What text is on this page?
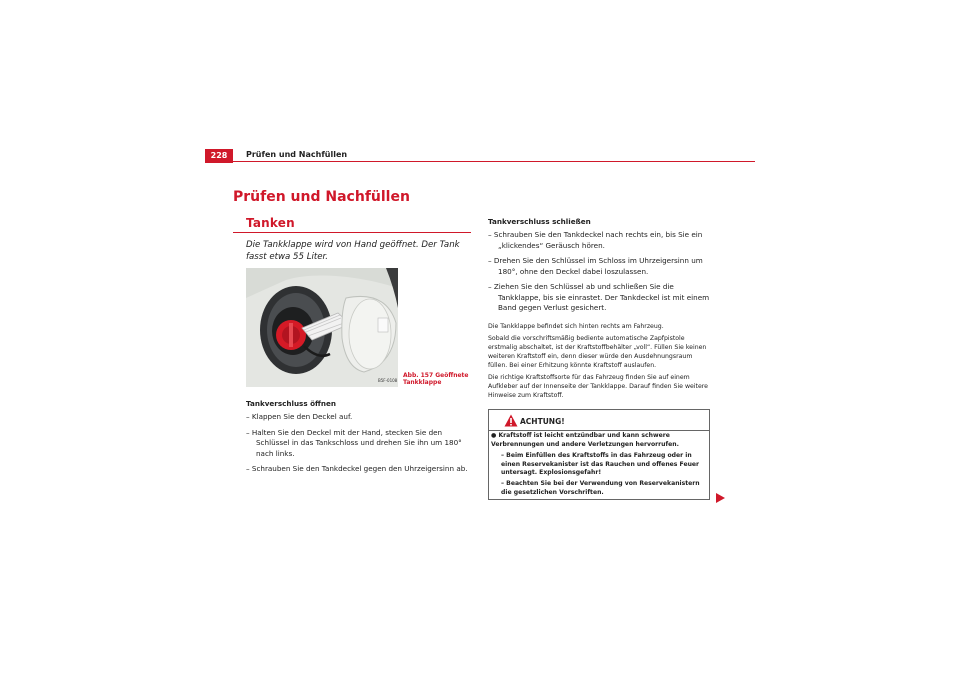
228	Prüfen und Nachfüllen
Prüfen und Nachfüllen
Tanken
Die Tankklappe wird von Hand geöffnet. Der Tank fasst etwa 55 Liter.
B5F-0108
Abb. 157 Geöffnete
Tankklappe
Tankverschluss öffnen
– Klappen Sie den Deckel auf.
– Halten Sie den Deckel mit der Hand, stecken Sie den Schlüssel in das Tankschloss und drehen Sie ihn um 180° nach links.
– Schrauben Sie den Tankdeckel gegen den Uhrzeigersinn ab.
Tankverschluss schließen
– Schrauben Sie den Tankdeckel nach rechts ein, bis Sie ein „klickendes“ Geräusch hören.
– Drehen Sie den Schlüssel im Schloss im Uhrzeigersinn um 180°, ohne den Deckel dabei loszulassen.
– Ziehen Sie den Schlüssel ab und schließen Sie die Tankklappe, bis sie einrastet. Der Tankdeckel ist mit einem Band gegen Verlust gesichert.
Die Tankklappe befindet sich hinten rechts am Fahrzeug.
Sobald die vorschriftsmäßig bediente automatische Zapfpistole erstmalig abschaltet, ist der Kraftstoffbehälter „voll“. Füllen Sie keinen weiteren Kraftstoff ein, denn dieser würde den Ausdehnungsraum füllen. Bei einer Erhitzung könnte Kraftstoff auslaufen.
Die richtige Kraftstoffsorte für das Fahrzeug finden Sie auf einem Aufkleber auf der Innenseite der Tankklappe. Darauf finden Sie weitere Hinweise zum Kraftstoff.
ACHTUNG!
● Kraftstoff ist leicht entzündbar und kann schwere Verbrennungen und andere Verletzungen hervorrufen.
– Beim Einfüllen des Kraftstoffs in das Fahrzeug oder in einen Reservekanister ist das Rauchen und offenes Feuer untersagt. Explosionsgefahr!
– Beachten Sie bei der Verwendung von Reservekanistern die gesetzlichen Vorschriften.
